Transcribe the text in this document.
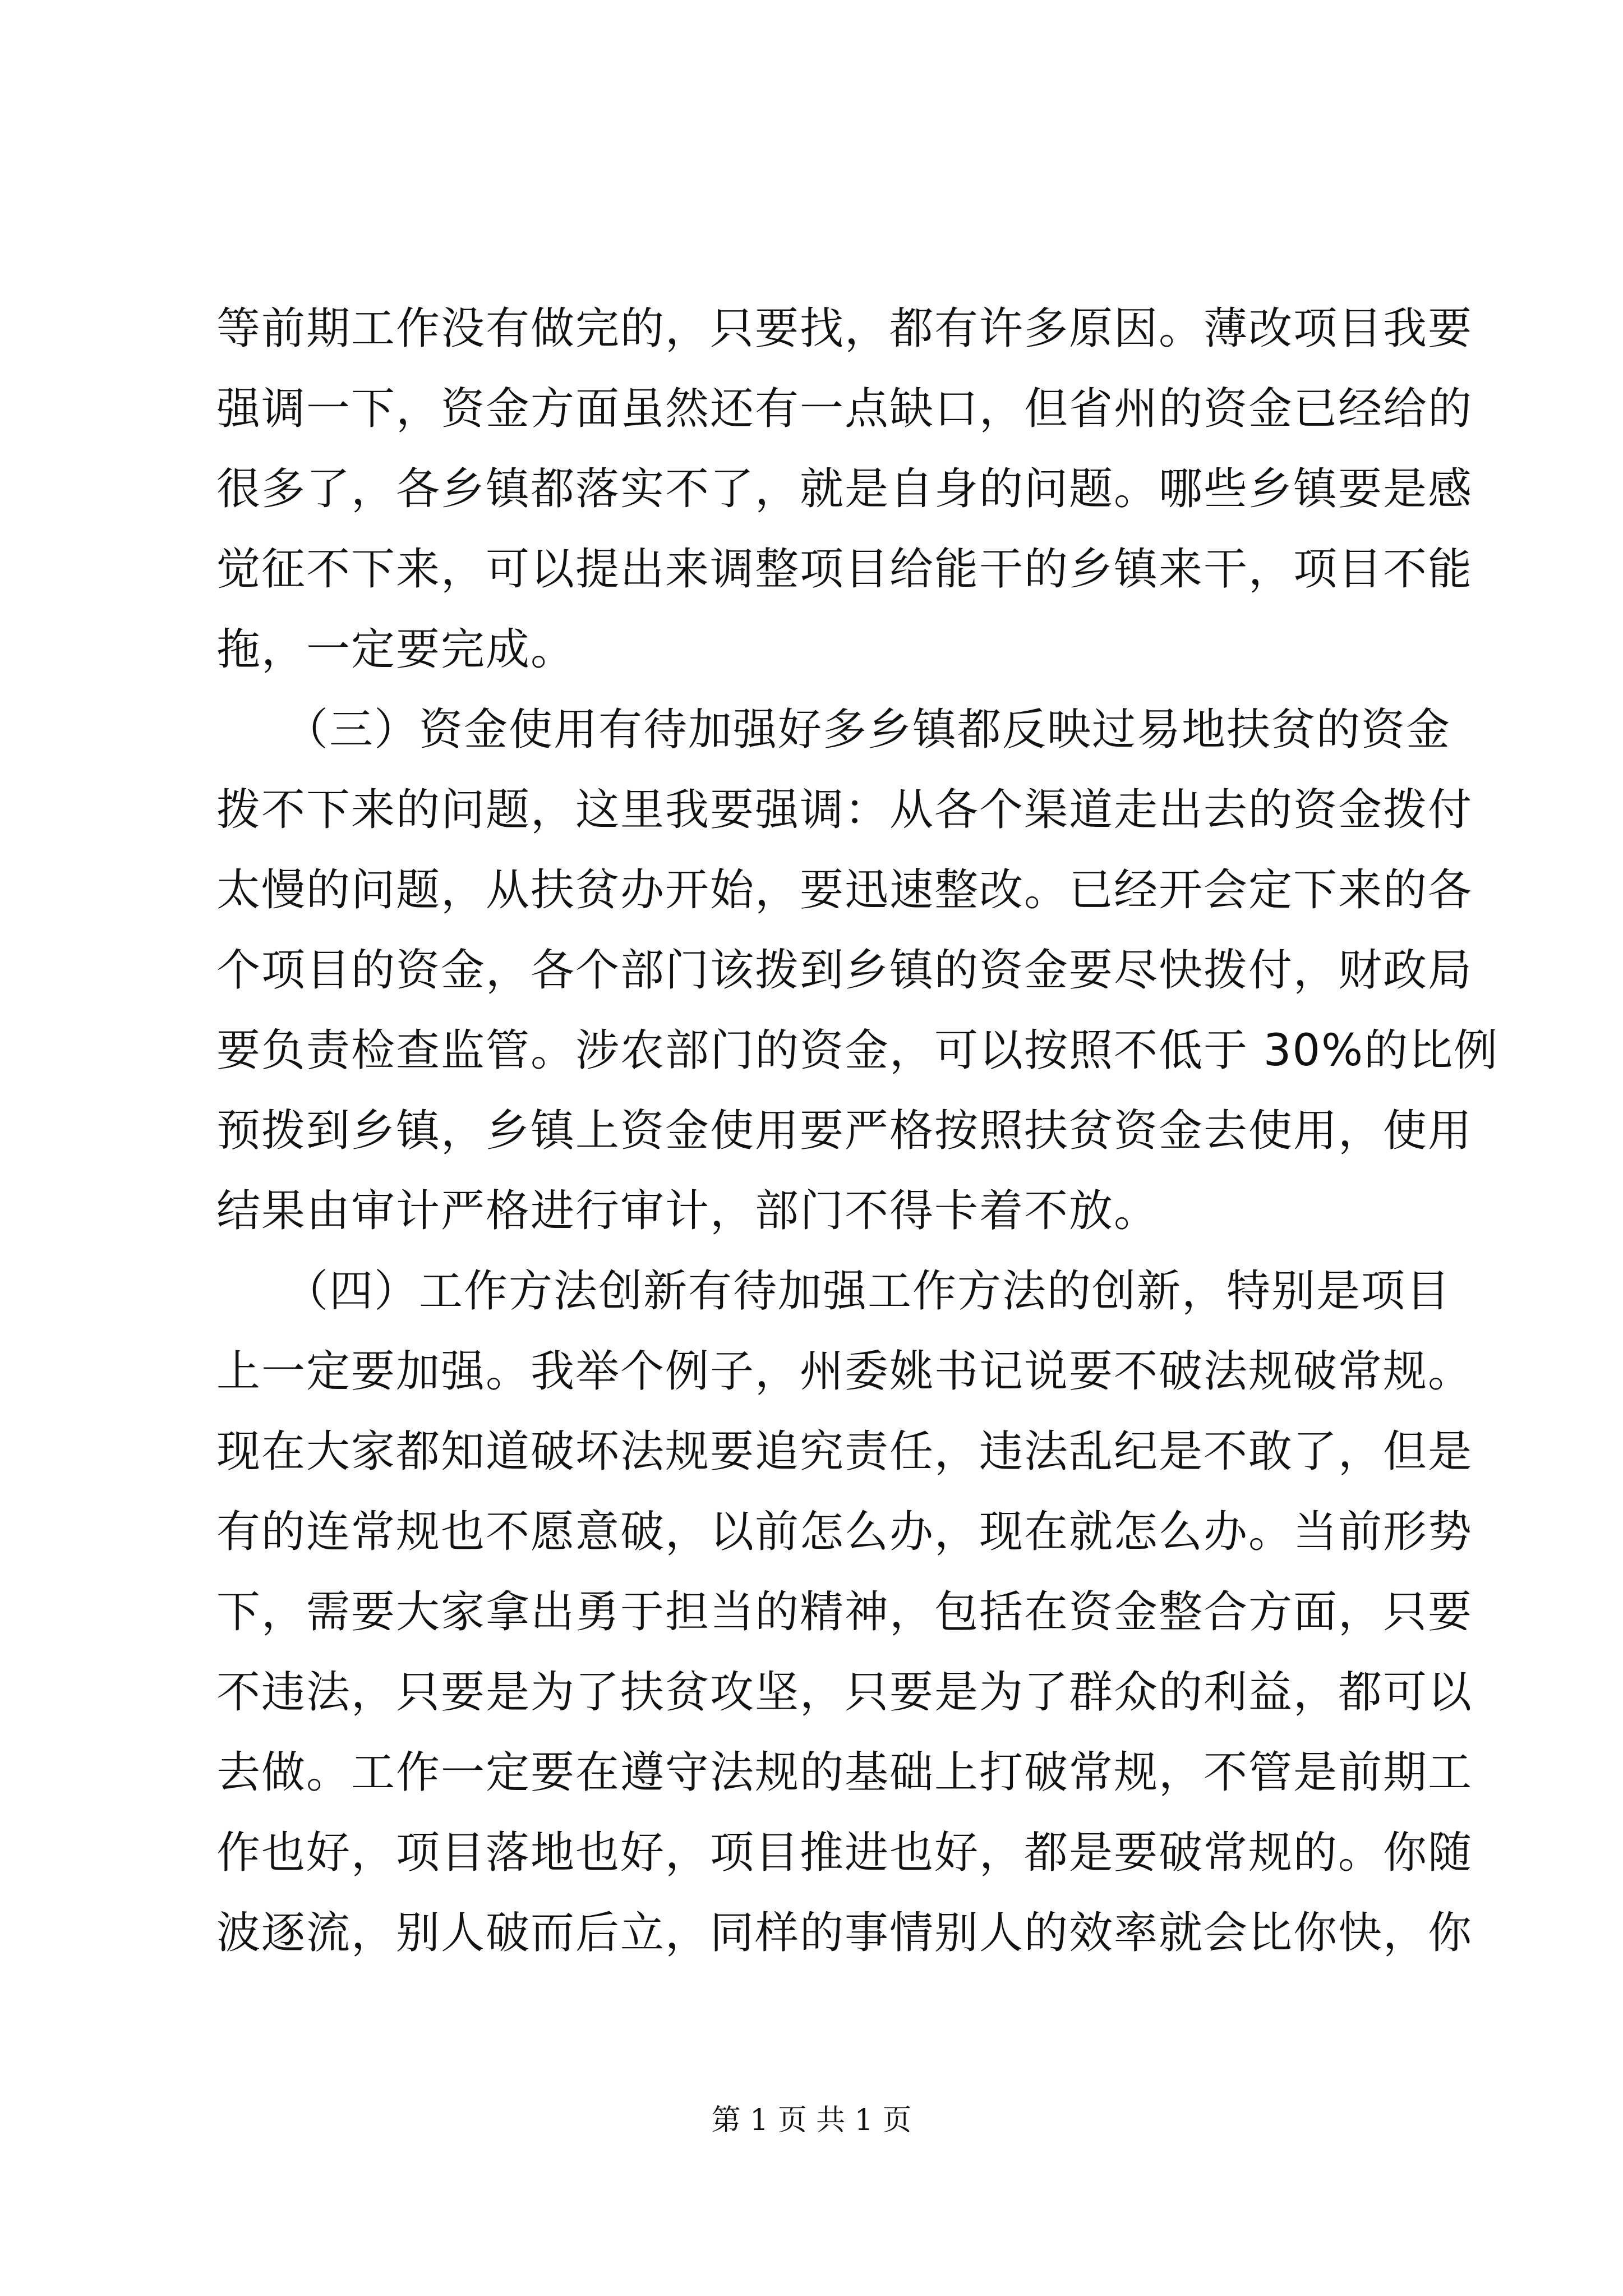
等前期工作没有做完的，只要找，都有许多原因。薄改项目我要
强调一下，资金方面虽然还有一点缺口，但省州的资金已经给的
很多了，各乡镇都落实不了，就是自身的问题。哪些乡镇要是感
觉征不下来，可以提出来调整项目给能干的乡镇来干，项目不能
拖，一定要完成。
　　（三）资金使用有待加强好多乡镇都反映过易地扶贫的资金
拨不下来的问题，这里我要强调：从各个渠道走出去的资金拨付
太慢的问题，从扶贫办开始，要迅速整改。已经开会定下来的各
个项目的资金，各个部门该拨到乡镇的资金要尽快拨付，财政局
要负责检查监管。涉农部门的资金，可以按照不低于 30%的比例
预拨到乡镇，乡镇上资金使用要严格按照扶贫资金去使用，使用
结果由审计严格进行审计，部门不得卡着不放。
　　（四）工作方法创新有待加强工作方法的创新，特别是项目
上一定要加强。我举个例子，州委姚书记说要不破法规破常规。
现在大家都知道破坏法规要追究责任，违法乱纪是不敢了，但是
有的连常规也不愿意破，以前怎么办，现在就怎么办。当前形势
下，需要大家拿出勇于担当的精神，包括在资金整合方面，只要
不违法，只要是为了扶贫攻坚，只要是为了群众的利益，都可以
去做。工作一定要在遵守法规的基础上打破常规，不管是前期工
作也好，项目落地也好，项目推进也好，都是要破常规的。你随
波逐流，别人破而后立，同样的事情别人的效率就会比你快，你
第 1 页 共 1 页
